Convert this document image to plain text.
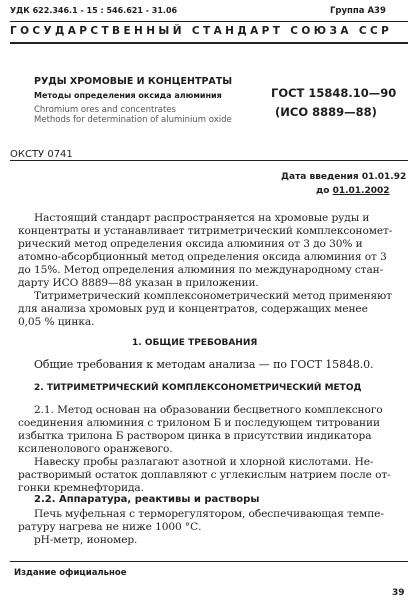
УДК 622.346.1 - 15 : 546.621 - 31.06	Группа А39
ГОСУДАРСТВЕННЫЙ СТАНДАРТ СОЮЗА ССР
РУДЫ ХРОМОВЫЕ И КОНЦЕНТРАТЫ
Методы определения оксида алюминия
Chromium ores and concentrates
Methods for determination of aluminium oxide
ГОСТ 15848.10—90
(ИСО 8889—88)
ОКСТУ 0741
Дата введения 01.01.92
до 01.01.2002
Настоящий стандарт распространяется на хромовые руды и
концентраты и устанавливает титриметрический комплексономет-
рический метод определения оксида алюминия от 3 до 30% и
атомно-абсорбционный метод определения оксида алюминия от 3
до 15%. Метод определения алюминия по международному стан-
дарту ИСО 8889—88 указан в приложении.
Титриметрический комплексонометрический метод применяют
для анализа хромовых руд и концентратов, содержащих менее
0,05 % цинка.
1. ОБЩИЕ ТРЕБОВАНИЯ
Общие требования к методам анализа — по ГОСТ 15848.0.
2. ТИТРИМЕТРИЧЕСКИЙ КОМПЛЕКСОНОМЕТРИЧЕСКИЙ МЕТОД
2.1. Метод основан на образовании бесцветного комплексного
соединения алюминия с трилоном Б и последующем титровании
избытка трилона Б раствором цинка в присутствии индикатора
ксиленолового оранжевого.
Навеску пробы разлагают азотной и хлорной кислотами. Не-
растворимый остаток доплавляют с углекислым натрием после от-
гонки кремнефторида.
2.2. Аппаратура, реактивы и растворы
Печь муфельная с терморегулятором, обеспечивающая темпе-
ратуру нагрева не ниже 1000 °С.
рН-метр, иономер.
Издание официальное
39
